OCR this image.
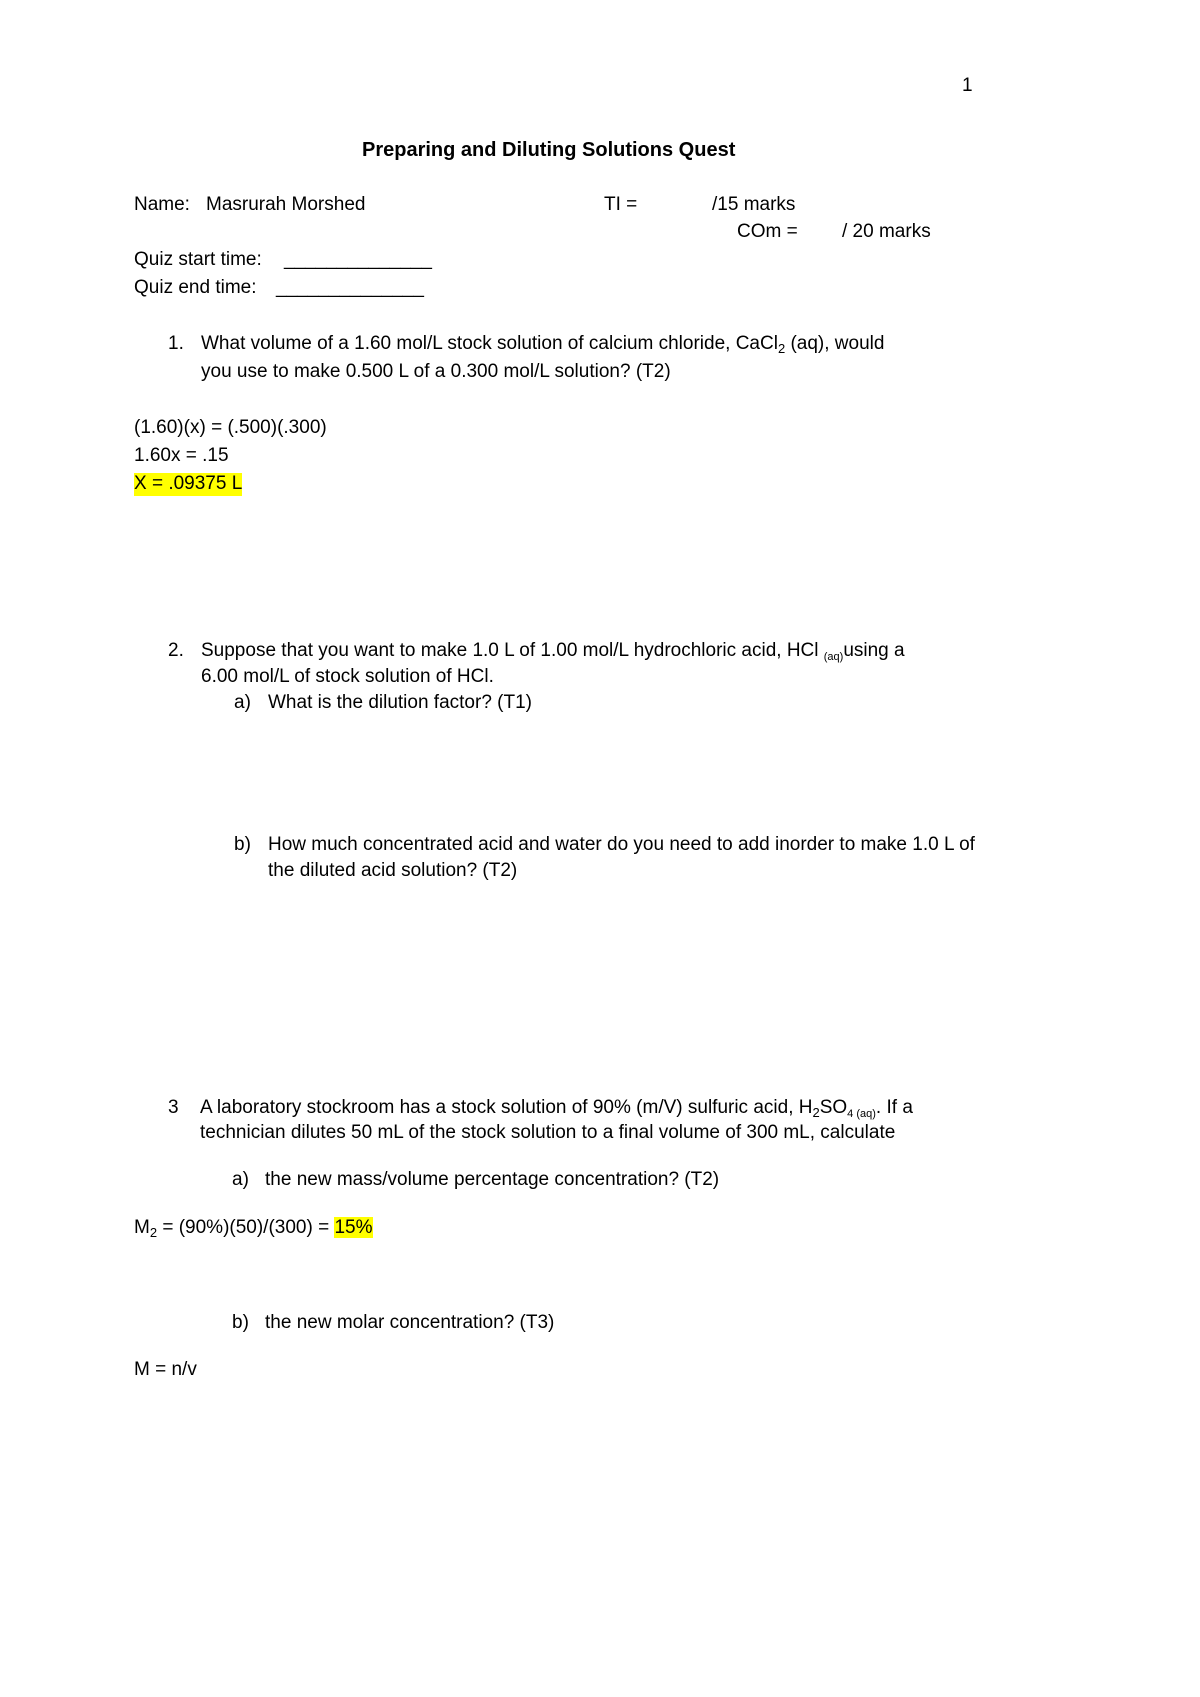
1
Preparing and Diluting Solutions Quest
Name: Masrurah Morshed	TI =	/15 marks
COm = / 20 marks
Quiz start time: ______________
Quiz end time: ______________
1. What volume of a 1.60 mol/L stock solution of calcium chloride, CaCl$_2$ (aq), would
you use to make 0.500 L of a 0.300 mol/L solution? (T2)
(1.60)(x) = (.500)(.300)
1.60x = .15
X = .09375 L
2. Suppose that you want to make 1.0 L of 1.00 mol/L hydrochloric acid, HCl $_{(aq)}$using a
6.00 mol/L of stock solution of HCl.
a) What is the dilution factor? (T1)
b) How much concentrated acid and water do you need to add inorder to make 1.0 L of
the diluted acid solution? (T2)
3 A laboratory stockroom has a stock solution of 90% (m/V) sulfuric acid, $H_2SO_{4 (aq)}$. If a
technician dilutes 50 mL of the stock solution to a final volume of 300 mL, calculate
a) the new mass/volume percentage concentration? (T2)
$M_2 = (90\%)(50)/(300) = 15\%$
b) the new molar concentration? (T3)
M = n/v
